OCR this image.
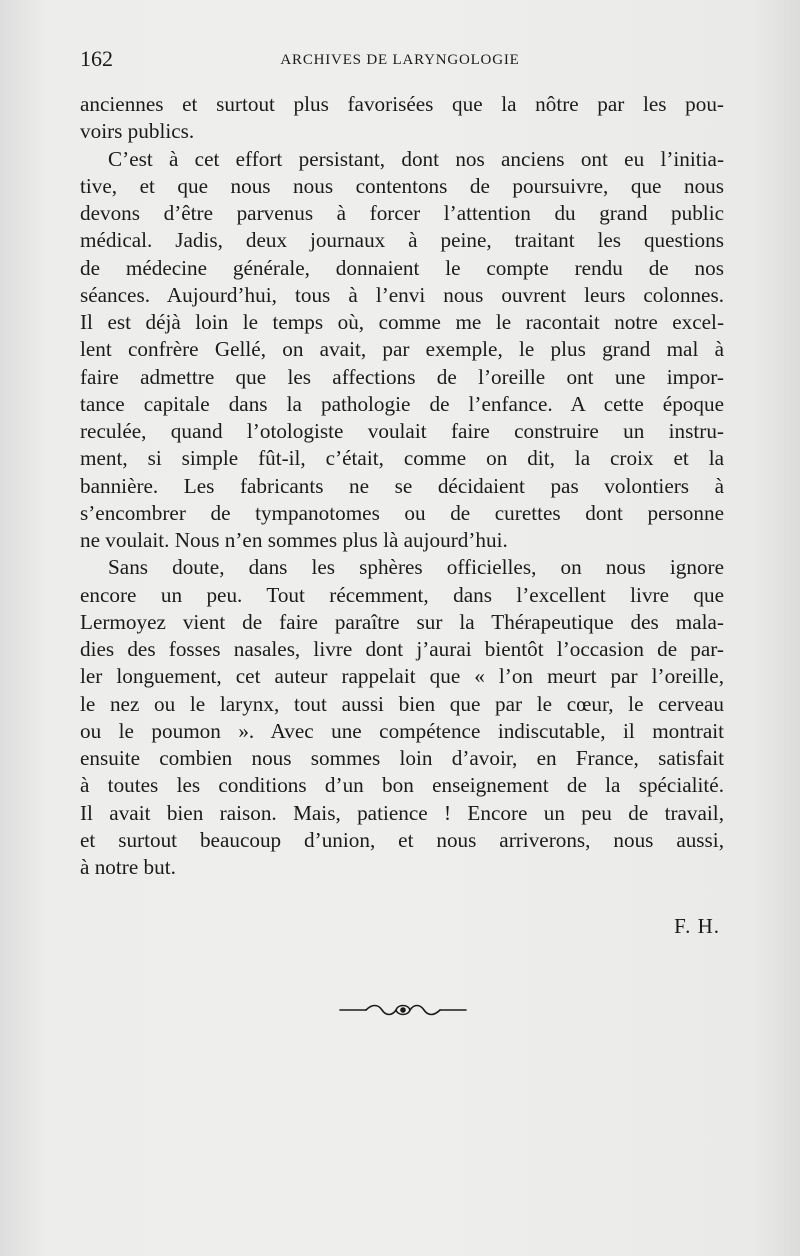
162	ARCHIVES DE LARYNGOLOGIE
anciennes et surtout plus favorisées que la nôtre par les pou-
voirs publics.
C’est à cet effort persistant, dont nos anciens ont eu l’initia-
tive, et que nous nous contentons de poursuivre, que nous
devons d’être parvenus à forcer l’attention du grand public
médical. Jadis, deux journaux à peine, traitant les questions
de médecine générale, donnaient le compte rendu de nos
séances. Aujourd’hui, tous à l’envi nous ouvrent leurs colonnes.
Il est déjà loin le temps où, comme me le racontait notre excel-
lent confrère Gellé, on avait, par exemple, le plus grand mal à
faire admettre que les affections de l’oreille ont une impor-
tance capitale dans la pathologie de l’enfance. A cette époque
reculée, quand l’otologiste voulait faire construire un instru-
ment, si simple fût-il, c’était, comme on dit, la croix et la
bannière. Les fabricants ne se décidaient pas volontiers à
s’encombrer de tympanotomes ou de curettes dont personne
ne voulait. Nous n’en sommes plus là aujourd’hui.
Sans doute, dans les sphères officielles, on nous ignore
encore un peu. Tout récemment, dans l’excellent livre que
Lermoyez vient de faire paraître sur la Thérapeutique des mala-
dies des fosses nasales, livre dont j’aurai bientôt l’occasion de par-
ler longuement, cet auteur rappelait que « l’on meurt par l’oreille,
le nez ou le larynx, tout aussi bien que par le cœur, le cerveau
ou le poumon ». Avec une compétence indiscutable, il montrait
ensuite combien nous sommes loin d’avoir, en France, satisfait
à toutes les conditions d’un bon enseignement de la spécialité.
Il avait bien raison. Mais, patience ! Encore un peu de travail,
et surtout beaucoup d’union, et nous arriverons, nous aussi,
à notre but.
F. H.
